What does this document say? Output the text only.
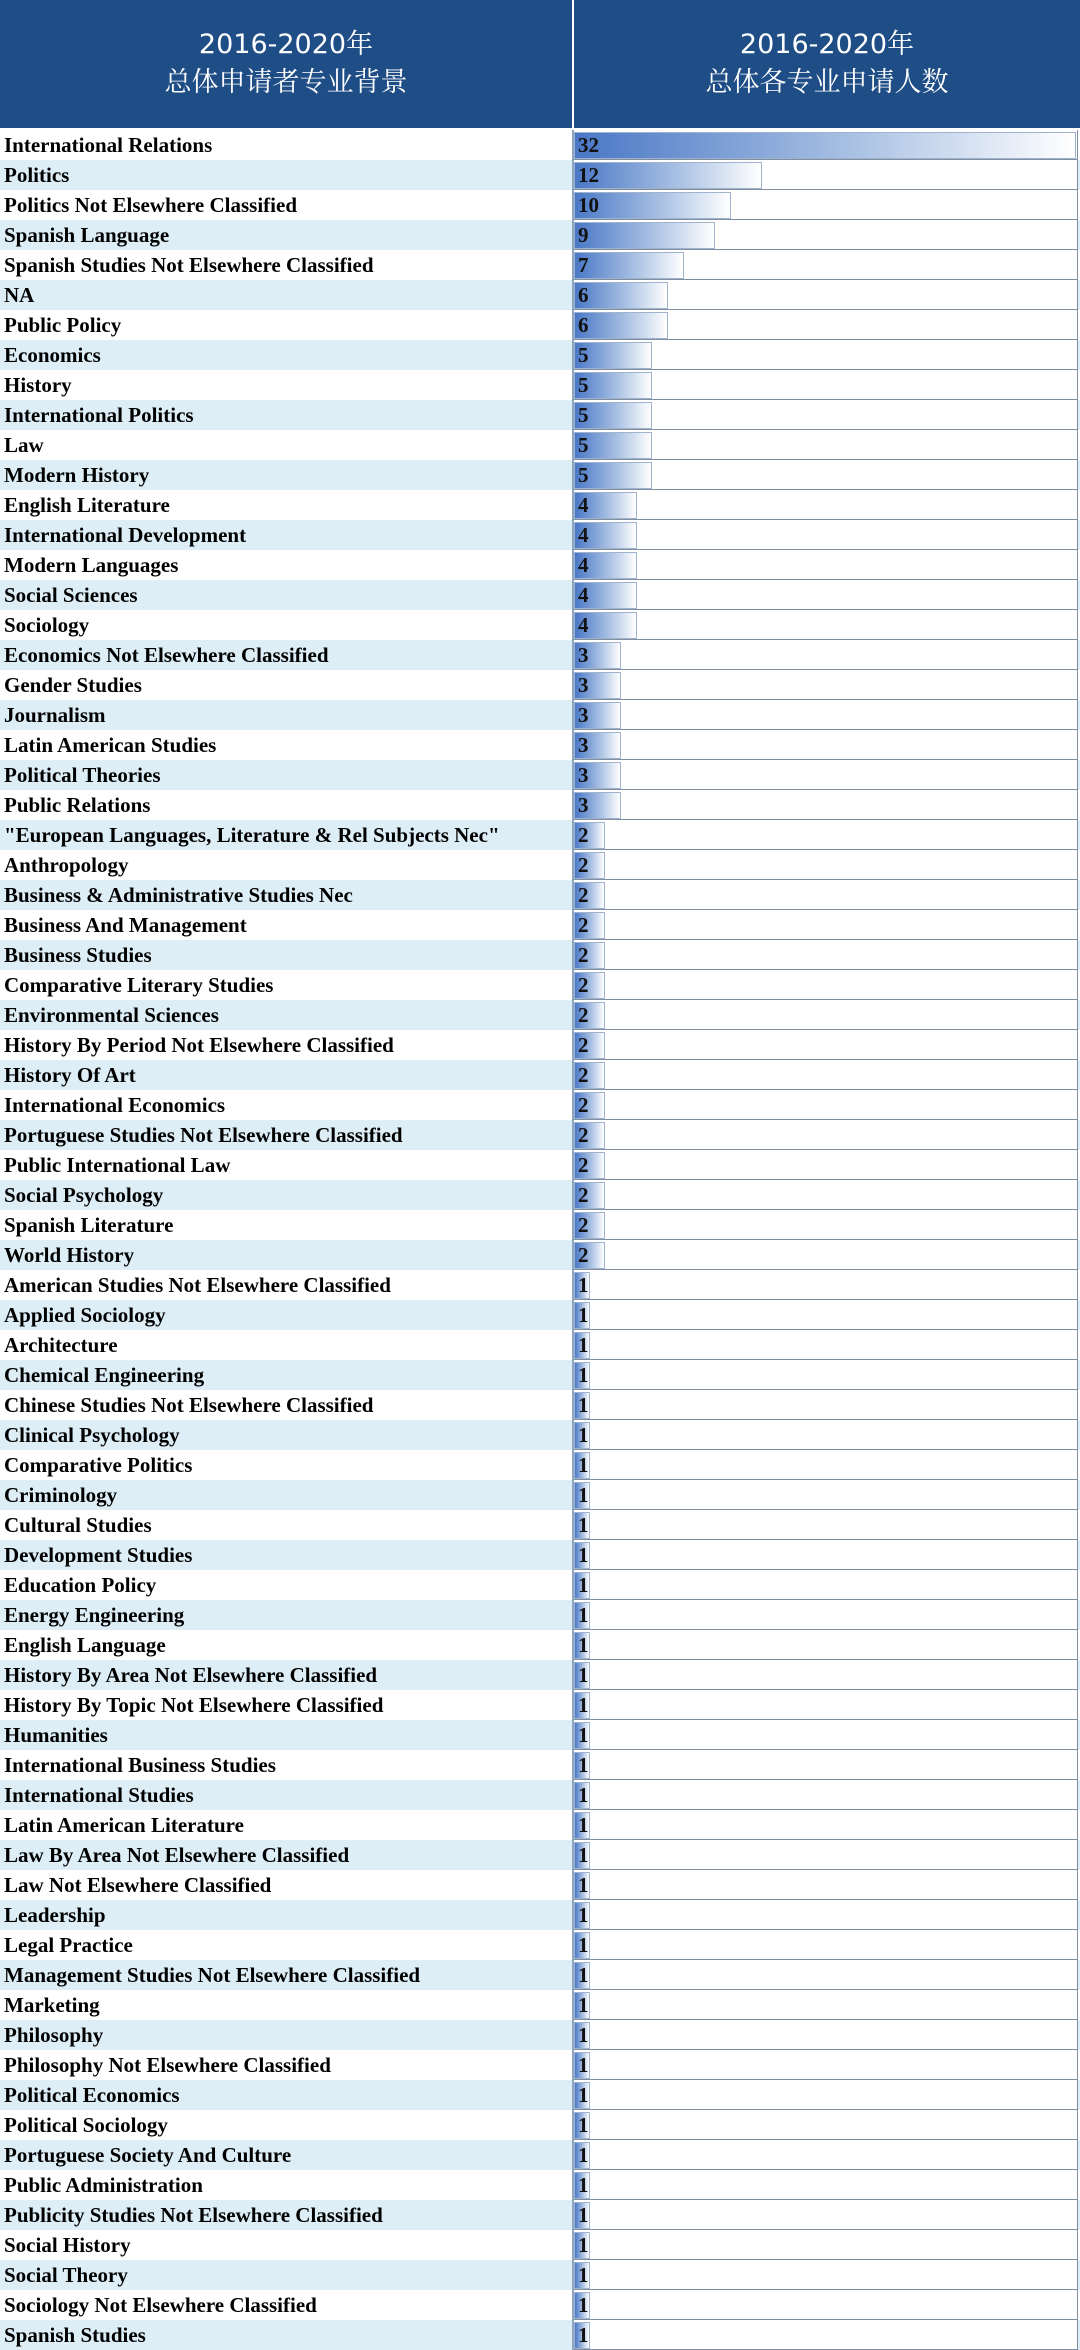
2016-2020年
总体申请者专业背景
2016-2020年
总体各专业申请人数
International Relations	32
Politics	12
Politics Not Elsewhere Classified	10
Spanish Language	9
Spanish Studies Not Elsewhere Classified	7
NA	6
Public Policy	6
Economics	5
History	5
International Politics	5
Law	5
Modern History	5
English Literature	4
International Development	4
Modern Languages	4
Social Sciences	4
Sociology	4
Economics Not Elsewhere Classified	3
Gender Studies	3
Journalism	3
Latin American Studies	3
Political Theories	3
Public Relations	3
"European Languages, Literature & Rel Subjects Nec"	2
Anthropology	2
Business & Administrative Studies Nec	2
Business And Management	2
Business Studies	2
Comparative Literary Studies	2
Environmental Sciences	2
History By Period Not Elsewhere Classified	2
History Of Art	2
International Economics	2
Portuguese Studies Not Elsewhere Classified	2
Public International Law	2
Social Psychology	2
Spanish Literature	2
World History	2
American Studies Not Elsewhere Classified	1
Applied Sociology	1
Architecture	1
Chemical Engineering	1
Chinese Studies Not Elsewhere Classified	1
Clinical Psychology	1
Comparative Politics	1
Criminology	1
Cultural Studies	1
Development Studies	1
Education Policy	1
Energy Engineering	1
English Language	1
History By Area Not Elsewhere Classified	1
History By Topic Not Elsewhere Classified	1
Humanities	1
International Business Studies	1
International Studies	1
Latin American Literature	1
Law By Area Not Elsewhere Classified	1
Law Not Elsewhere Classified	1
Leadership	1
Legal Practice	1
Management Studies Not Elsewhere Classified	1
Marketing	1
Philosophy	1
Philosophy Not Elsewhere Classified	1
Political Economics	1
Political Sociology	1
Portuguese Society And Culture	1
Public Administration	1
Publicity Studies Not Elsewhere Classified	1
Social History	1
Social Theory	1
Sociology Not Elsewhere Classified	1
Spanish Studies	1
